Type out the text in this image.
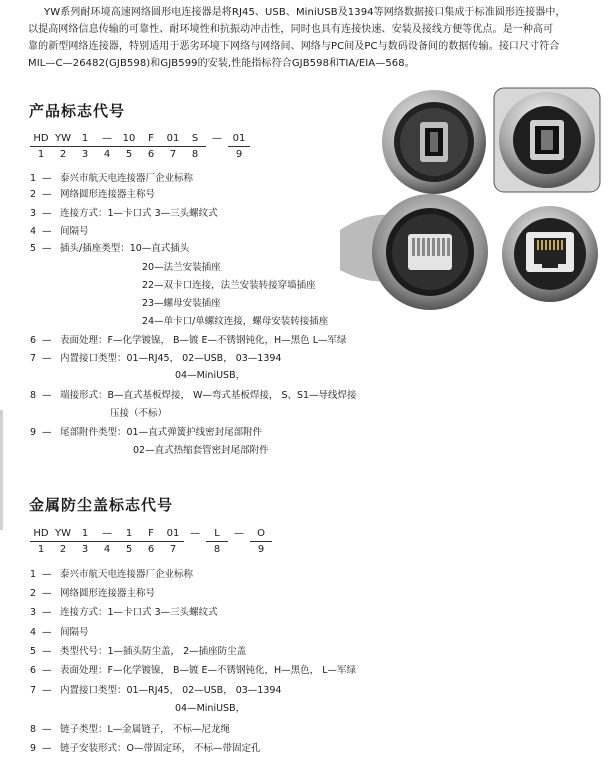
YW系列耐环境高速网络圆形电连接器是将RJ45、USB、MiniUSB及1394等网络数据接口集成于标准圆形连接器中，
以提高网络信息传输的可靠性、耐环境性和抗振动冲击性，同时也具有连接快速、安装及接线方便等优点。是一种高可
靠的新型网络连接器，特别适用于恶劣环境下网络与网络间、网络与PC间及PC与数码设备间的数据传输。接口尺寸符合
MIL—C—26482(GJB598)和GJB599的安装,性能指标符合GJB598和TIA/EIA—568。
产品标志代号
HD	YW	1	—	10	F	01	S	—	01
1	2	3	4	5	6	7	8		9
1 — 泰兴市航天电连接器厂企业标称
2 — 网络圆形连接器主称号
3 — 连接方式：1—卡口式 3—三头螺纹式
4 — 间隔号
5 — 插头/插座类型：10—直式插头
20—法兰安装插座
22—双卡口连接，法兰安装转接穿墙插座
23—螺母安装插座
24—单卡口/单螺纹连接，螺母安装转接插座
6 — 表面处理：F—化学镀镍， B—镀 E—不锈钢钝化，H—黑色 L—军绿
7 — 内置接口类型：01—RJ45， 02—USB， 03—1394
04—MiniUSB，
8 — 端接形式：B—直式基板焊接， W—弯式基板焊接， S、S1—导线焊接
压接（不标）
9 — 尾部附件类型：01—直式弹簧护线密封尾部附件
02—直式热缩套管密封尾部附件
金属防尘盖标志代号
HD	YW	1	—	1	F	01	—	L	—	O
1	2	3	4	5	6	7		8		9
1 — 泰兴市航天电连接器厂企业标称
2 — 网络圆形连接器主称号
3 — 连接方式：1—卡口式 3—三头螺纹式
4 — 间隔号
5 — 类型代号：1—插头防尘盖， 2—插座防尘盖
6 — 表面处理：F—化学镀镍， B—镀 E—不锈钢钝化，H—黑色， L—军绿
7 — 内置接口类型：01—RJ45， 02—USB， 03—1394
04—MiniUSB，
8 — 链子类型：L—金属链子， 不标—尼龙绳
9 — 链子安装形式：O—带固定环， 不标—带固定孔
